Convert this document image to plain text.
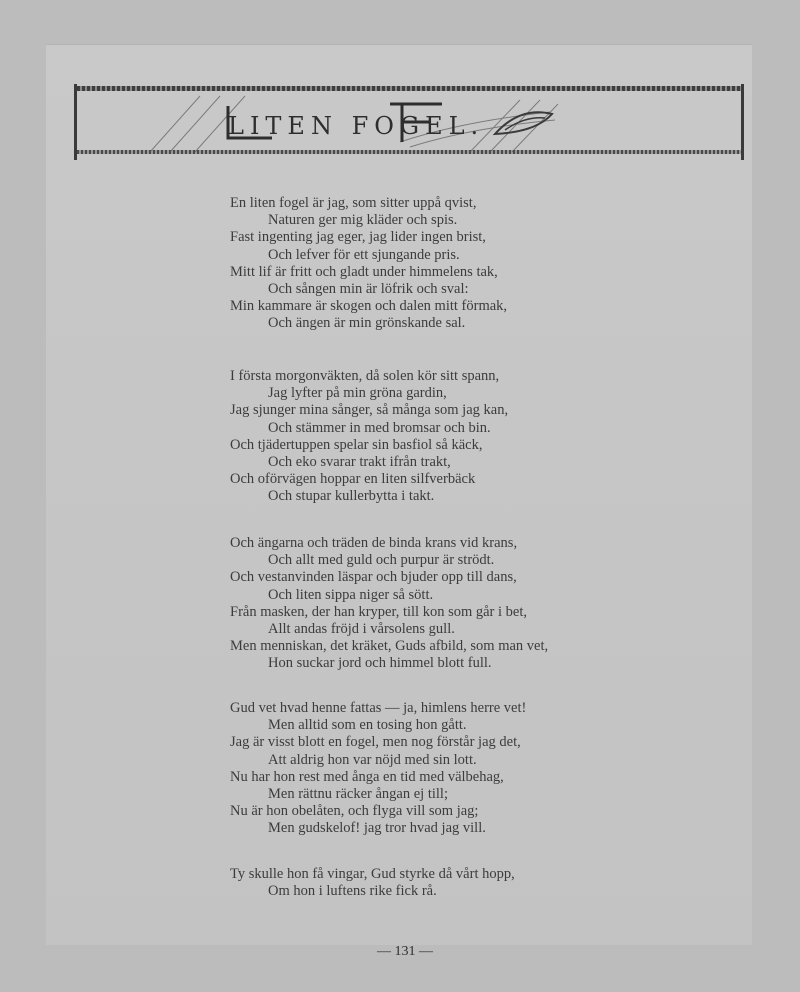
LITEN FOGEL.
En liten fogel är jag, som sitter uppå qvist,
Naturen ger mig kläder och spis.
Fast ingenting jag eger, jag lider ingen brist,
Och lefver för ett sjungande pris.
Mitt lif är fritt och gladt under himmelens tak,
Och sången min är löfrik och sval:
Min kammare är skogen och dalen mitt förmak,
Och ängen är min grönskande sal.
I första morgonväkten, då solen kör sitt spann,
Jag lyfter på min gröna gardin,
Jag sjunger mina sånger, så många som jag kan,
Och stämmer in med bromsar och bin.
Och tjädertuppen spelar sin basfiol så käck,
Och eko svarar trakt ifrån trakt,
Och oförvägen hoppar en liten silfverbäck
Och stupar kullerbytta i takt.
Och ängarna och träden de binda krans vid krans,
Och allt med guld och purpur är strödt.
Och vestanvinden läspar och bjuder opp till dans,
Och liten sippa niger så sött.
Från masken, der han kryper, till kon som går i bet,
Allt andas fröjd i vårsolens gull.
Men menniskan, det kräket, Guds afbild, som man vet,
Hon suckar jord och himmel blott full.
Gud vet hvad henne fattas — ja, himlens herre vet!
Men alltid som en tosing hon gått.
Jag är visst blott en fogel, men nog förstår jag det,
Att aldrig hon var nöjd med sin lott.
Nu har hon rest med ånga en tid med välbehag,
Men rättnu räcker ångan ej till;
Nu är hon obelåten, och flyga vill som jag;
Men gudskelof! jag tror hvad jag vill.
Ty skulle hon få vingar, Gud styrke då vårt hopp,
Om hon i luftens rike fick rå.
— 131 —
